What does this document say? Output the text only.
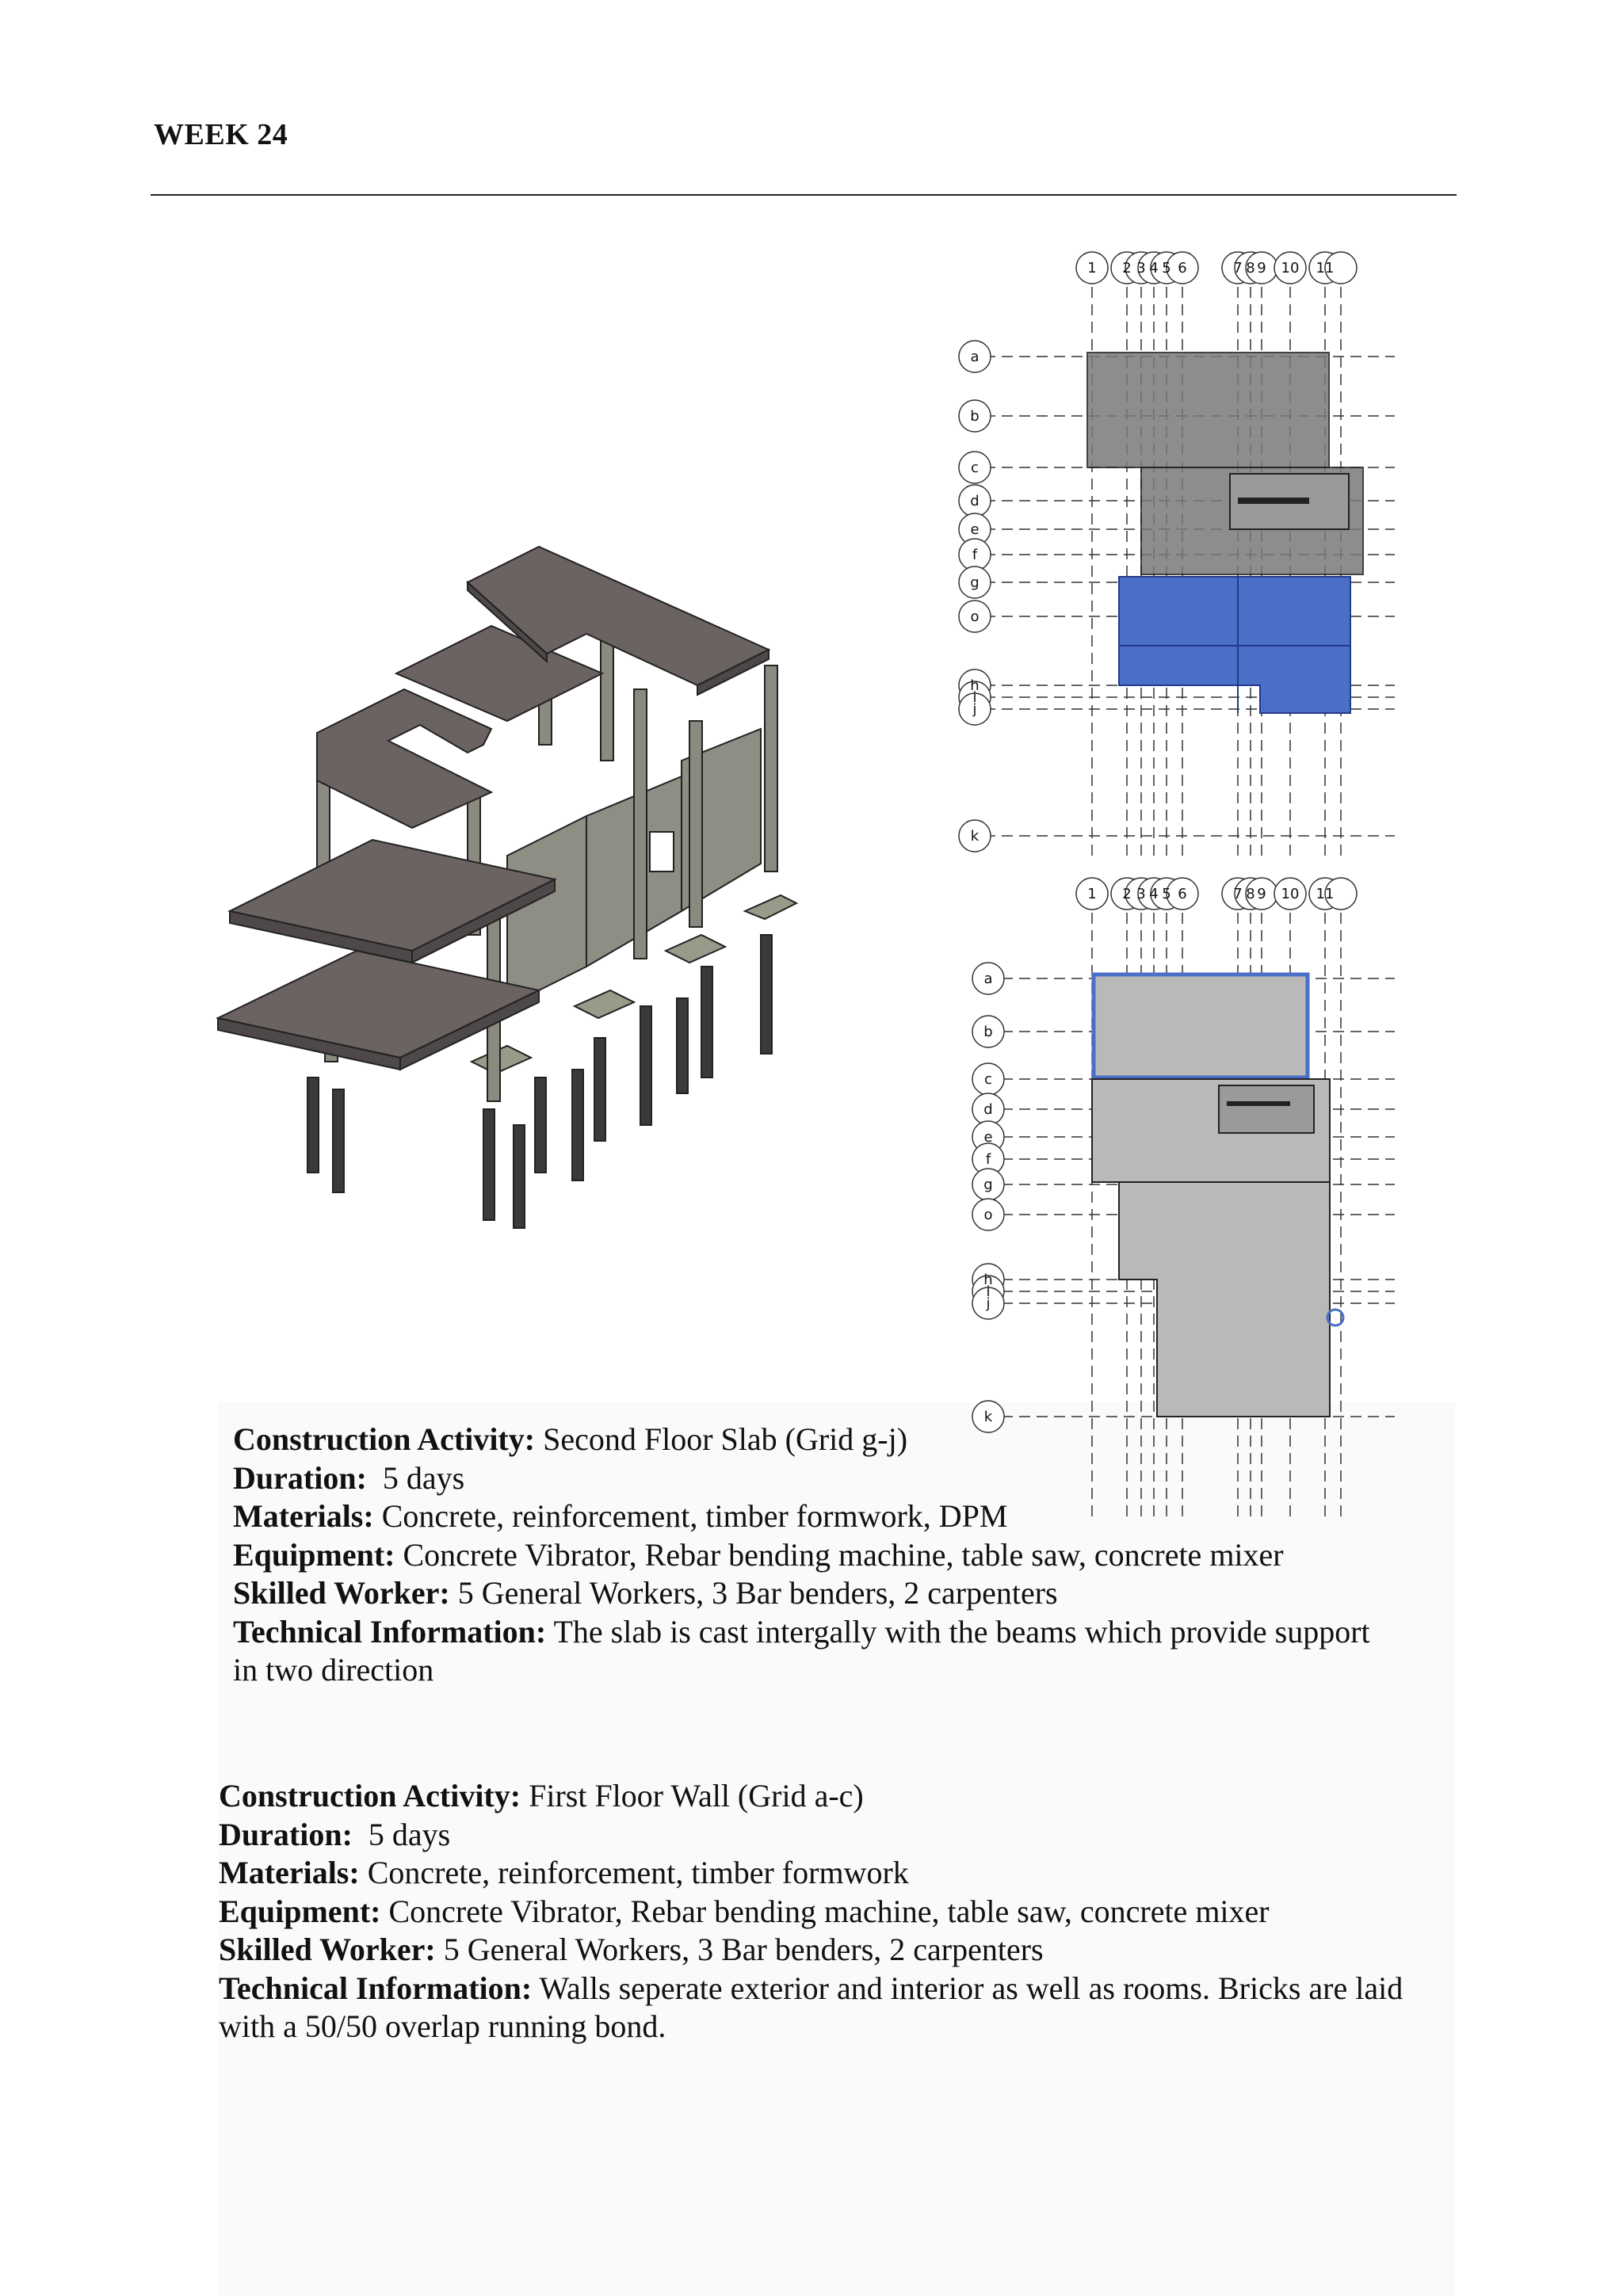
WEEK 24
1 2 3 4 5 6	7 8 9 10 11
a
b
c
d
e
f
g
o
h
i
j
k
1 2 3 4 5 6	7 8 9 10 11
a
b
c
d
e
f
g
o
h
i
j
k
Construction Activity: Second Floor Slab (Grid g-j)
Duration:  5 days
Materials: Concrete, reinforcement, timber formwork, DPM
Equipment: Concrete Vibrator, Rebar bending machine, table saw, concrete mixer
Skilled Worker: 5 General Workers, 3 Bar benders, 2 carpenters
Technical Information: The slab is cast intergally with the beams which provide support in two direction
Construction Activity: First Floor Wall (Grid a-c)
Duration:  5 days
Materials: Concrete, reinforcement, timber formwork
Equipment: Concrete Vibrator, Rebar bending machine, table saw, concrete mixer
Skilled Worker: 5 General Workers, 3 Bar benders, 2 carpenters
Technical Information: Walls seperate exterior and interior as well as rooms. Bricks are laid with a 50/50 overlap running bond.
